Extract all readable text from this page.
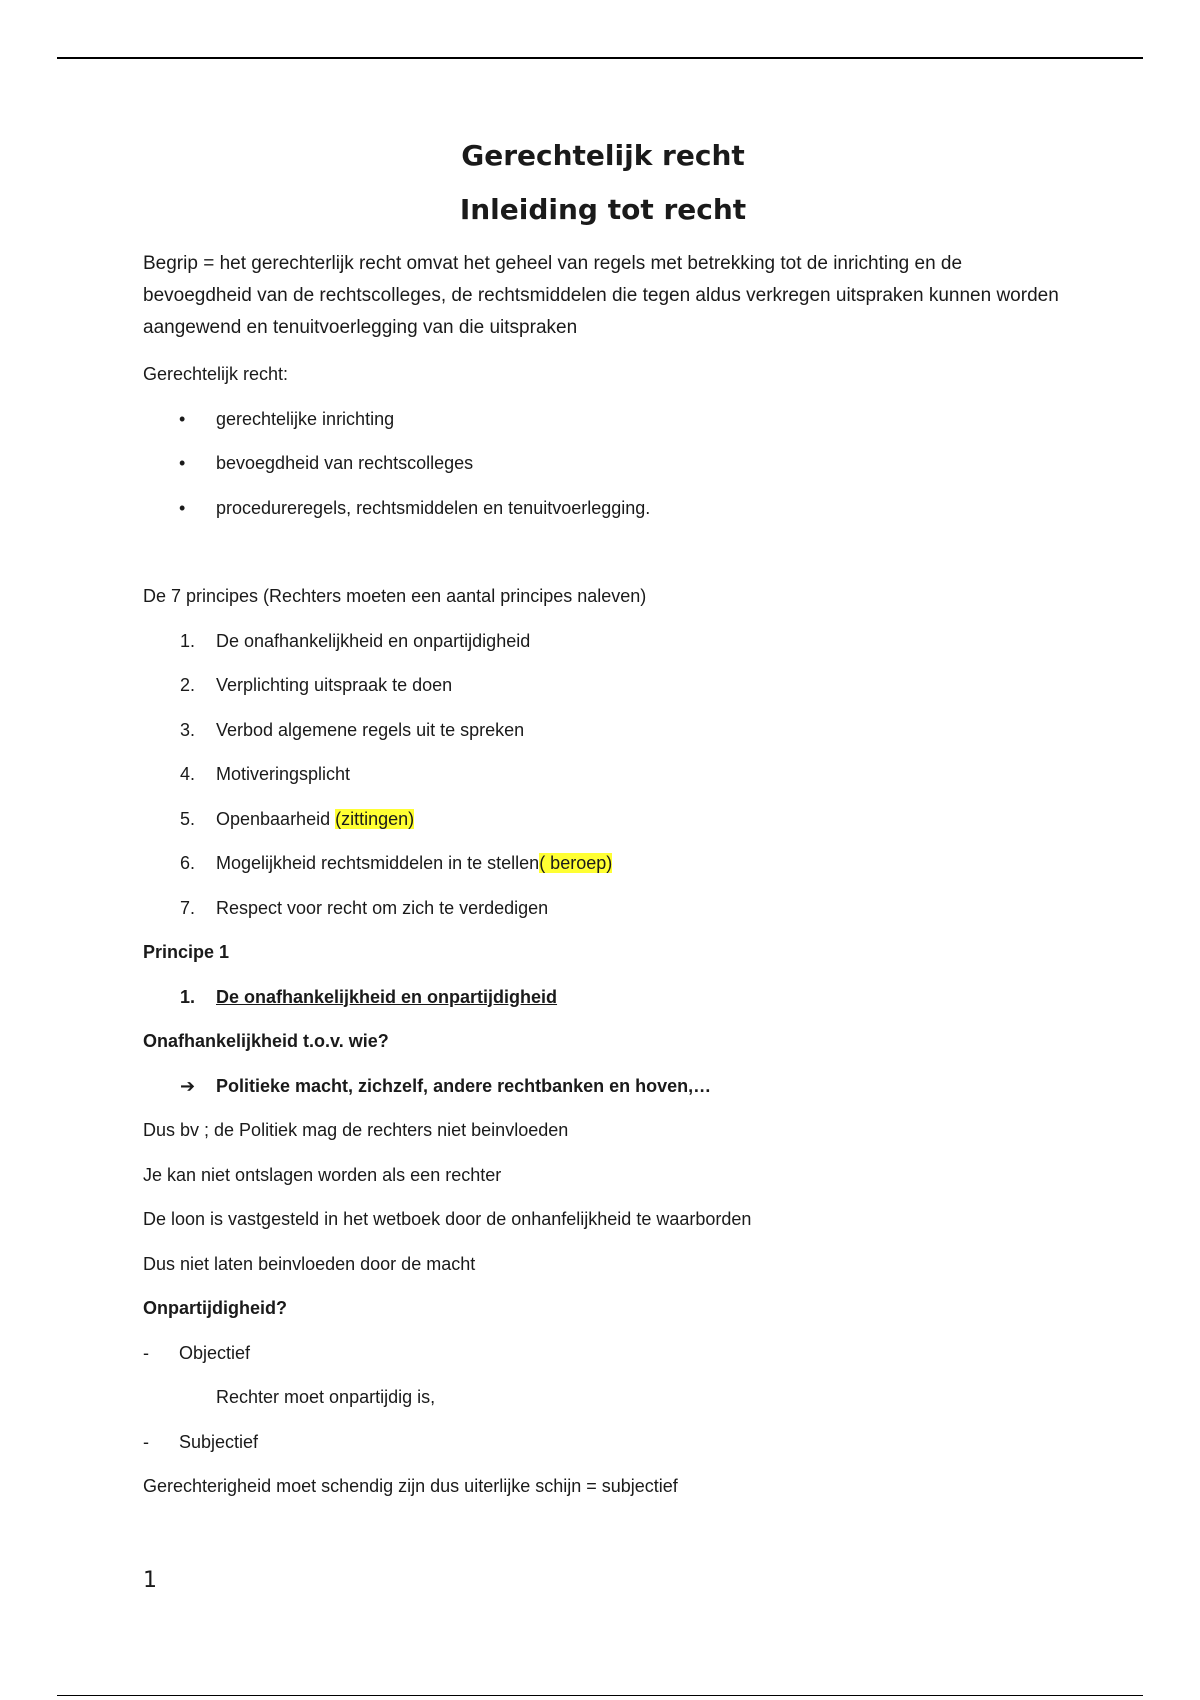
Gerechtelijk recht
Inleiding tot recht

Begrip = het gerechterlijk recht omvat het geheel van regels met betrekking tot de inrichting en de bevoegdheid van de rechtscolleges, de rechtsmiddelen die tegen aldus verkregen uitspraken kunnen worden aangewend en tenuitvoerlegging van die uitspraken

Gerechtelijk recht:

• gerechtelijke inrichting
• bevoegdheid van rechtscolleges
• procedureregels, rechtsmiddelen en tenuitvoerlegging.

De 7 principes (Rechters moeten een aantal principes naleven)

1. De onafhankelijkheid en onpartijdigheid
2. Verplichting uitspraak te doen
3. Verbod algemene regels uit te spreken
4. Motiveringsplicht
5. Openbaarheid (zittingen)
6. Mogelijkheid rechtsmiddelen in te stellen( beroep)
7. Respect voor recht om zich te verdedigen

Principe 1

1. De onafhankelijkheid en onpartijdigheid

Onafhankelijkheid t.o.v. wie?

➔ Politieke macht, zichzelf, andere rechtbanken en hoven,…

Dus bv ; de Politiek mag de rechters niet beinvloeden

Je kan niet ontslagen worden als een rechter

De loon is vastgesteld in het wetboek door de onhanfelijkheid te waarborden

Dus niet laten beinvloeden door de macht

Onpartijdigheid?

- Objectief

Rechter moet onpartijdig is,

- Subjectief

Gerechterigheid moet schendig zijn dus uiterlijke schijn = subjectief

1
